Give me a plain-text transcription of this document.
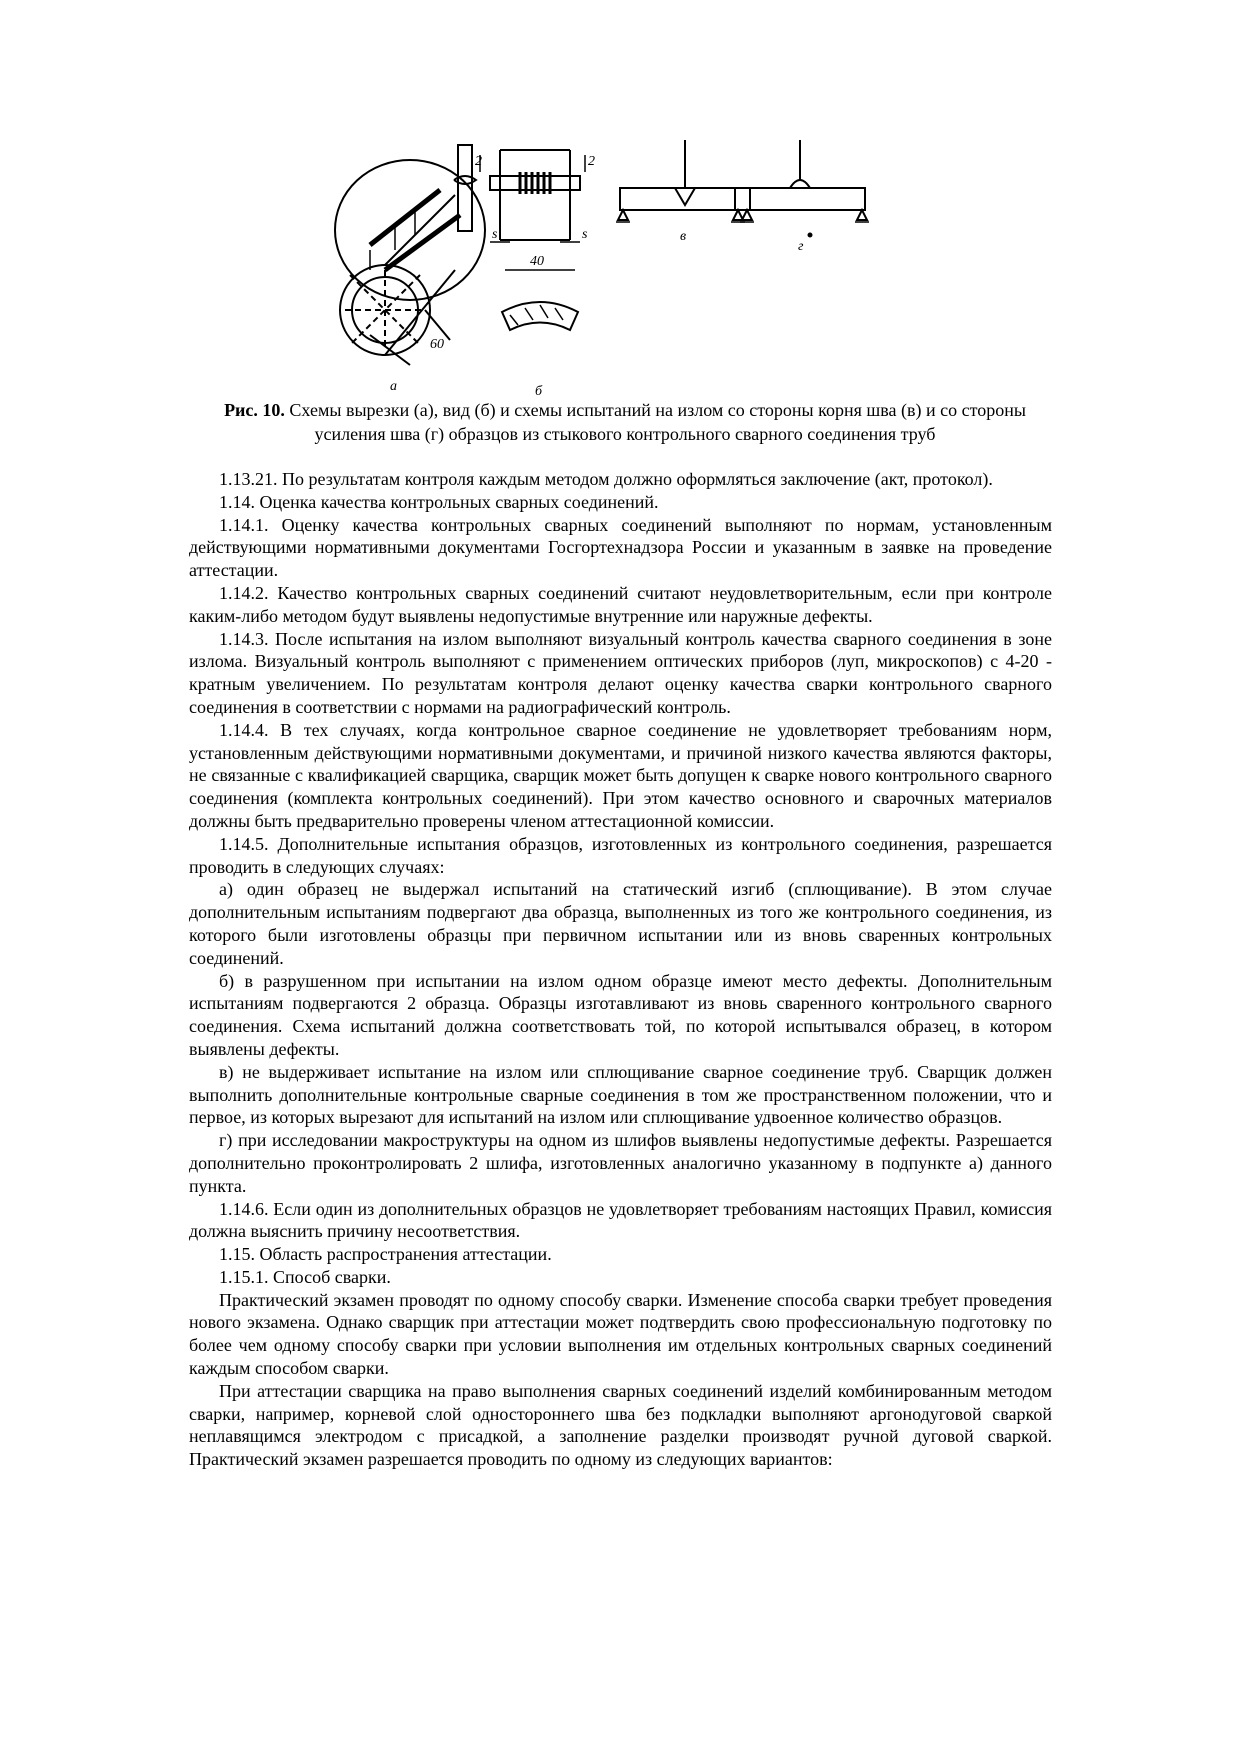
а	б
в
г
40
s	s
2	2
60
Рис. 10. Схемы вырезки (а), вид (б) и схемы испытаний на излом со стороны корня шва (в) и со стороны усиления шва (г) образцов из стыкового контрольного сварного соединения труб

1.13.21. По результатам контроля каждым методом должно оформляться заключение (акт, протокол).

1.14. Оценка качества контрольных сварных соединений.

1.14.1. Оценку качества контрольных сварных соединений выполняют по нормам, установленным действующими нормативными документами Госгортехнадзора России и указанным в заявке на проведение аттестации.

1.14.2. Качество контрольных сварных соединений считают неудовлетворительным, если при контроле каким-либо методом будут выявлены недопустимые внутренние или наружные дефекты.

1.14.3. После испытания на излом выполняют визуальный контроль качества сварного соединения в зоне излома. Визуальный контроль выполняют с применением оптических приборов (луп, микроскопов) с 4-20 - кратным увеличением. По результатам контроля делают оценку качества сварки контрольного сварного соединения в соответствии с нормами на радиографический контроль.

1.14.4. В тех случаях, когда контрольное сварное соединение не удовлетворяет требованиям норм, установленным действующими нормативными документами, и причиной низкого качества являются факторы, не связанные с квалификацией сварщика, сварщик может быть допущен к сварке нового контрольного сварного соединения (комплекта контрольных соединений). При этом качество основного и сварочных материалов должны быть предварительно проверены членом аттестационной комиссии.

1.14.5. Дополнительные испытания образцов, изготовленных из контрольного соединения, разрешается проводить в следующих случаях:

а) один образец не выдержал испытаний на статический изгиб (сплющивание). В этом случае дополнительным испытаниям подвергают два образца, выполненных из того же контрольного соединения, из которого были изготовлены образцы при первичном испытании или из вновь сваренных контрольных соединений.

б) в разрушенном при испытании на излом одном образце имеют место дефекты. Дополнительным испытаниям подвергаются 2 образца. Образцы изготавливают из вновь сваренного контрольного сварного соединения. Схема испытаний должна соответствовать той, по которой испытывался образец, в котором выявлены дефекты.

в) не выдерживает испытание на излом или сплющивание сварное соединение труб. Сварщик должен выполнить дополнительные контрольные сварные соединения в том же пространственном положении, что и первое, из которых вырезают для испытаний на излом или сплющивание удвоенное количество образцов.

г) при исследовании макроструктуры на одном из шлифов выявлены недопустимые дефекты. Разрешается дополнительно проконтролировать 2 шлифа, изготовленных аналогично указанному в подпункте а) данного пункта.

1.14.6. Если один из дополнительных образцов не удовлетворяет требованиям настоящих Правил, комиссия должна выяснить причину несоответствия.

1.15. Область распространения аттестации.

1.15.1. Способ сварки.

Практический экзамен проводят по одному способу сварки. Изменение способа сварки требует проведения нового экзамена. Однако сварщик при аттестации может подтвердить свою профессиональную подготовку по более чем одному способу сварки при условии выполнения им отдельных контрольных сварных соединений каждым способом сварки.

При аттестации сварщика на право выполнения сварных соединений изделий комбинированным методом сварки, например, корневой слой одностороннего шва без подкладки выполняют аргонодуговой сваркой неплавящимся электродом с присадкой, а заполнение разделки производят ручной дуговой сваркой. Практический экзамен разрешается проводить по одному из следующих вариантов:
